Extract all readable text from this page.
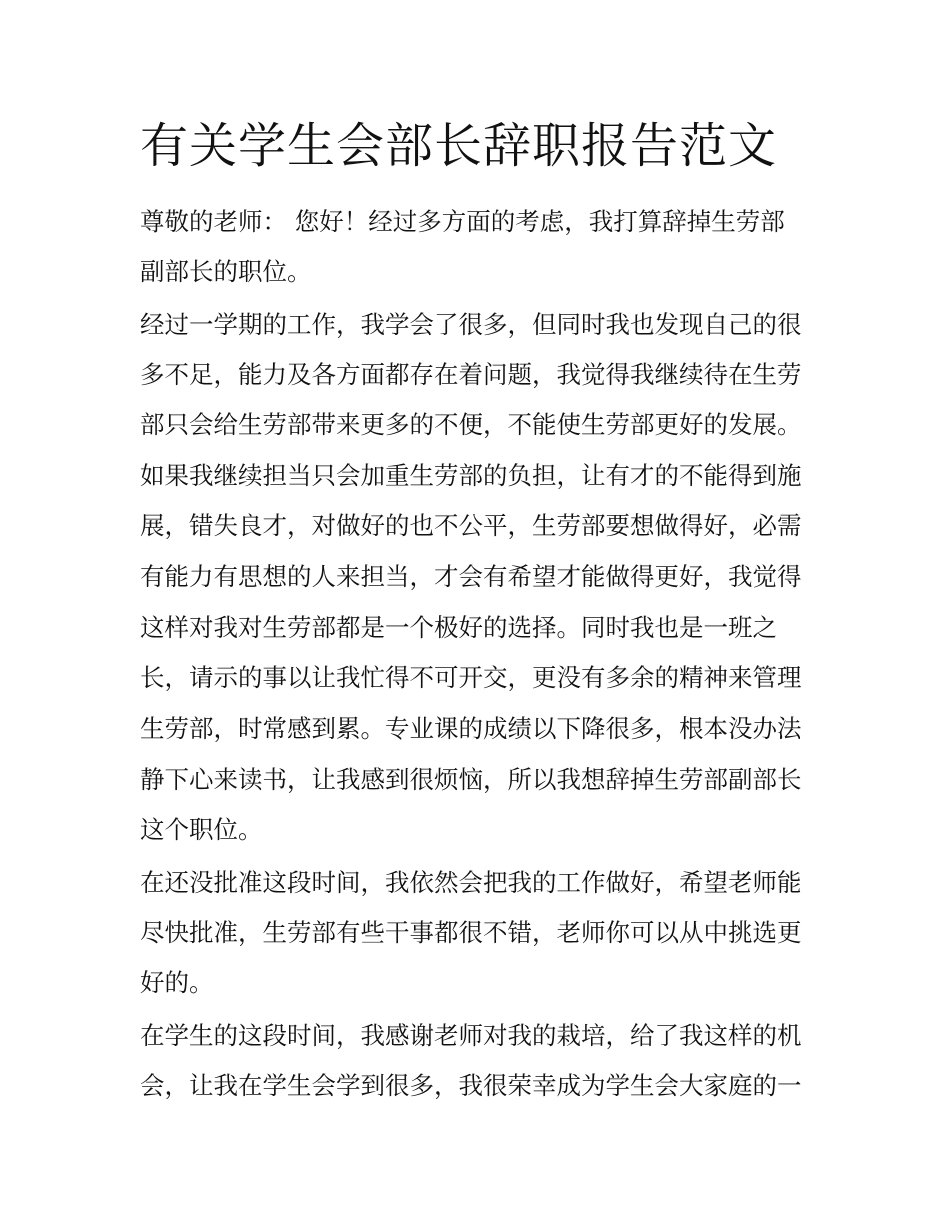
有关学生会部长辞职报告范文

尊敬的老师： 您好！经过多方面的考虑，我打算辞掉生劳部

副部长的职位。

经过一学期的工作，我学会了很多，但同时我也发现自己的很

多不足，能力及各方面都存在着问题，我觉得我继续待在生劳

部只会给生劳部带来更多的不便，不能使生劳部更好的发展。

如果我继续担当只会加重生劳部的负担，让有才的不能得到施

展，错失良才，对做好的也不公平，生劳部要想做得好，必需

有能力有思想的人来担当，才会有希望才能做得更好，我觉得

这样对我对生劳部都是一个极好的选择。同时我也是一班之

长，请示的事以让我忙得不可开交，更没有多余的精神来管理

生劳部，时常感到累。专业课的成绩以下降很多，根本没办法

静下心来读书，让我感到很烦恼，所以我想辞掉生劳部副部长

这个职位。

在还没批准这段时间，我依然会把我的工作做好，希望老师能

尽快批准，生劳部有些干事都很不错，老师你可以从中挑选更

好的。

在学生的这段时间，我感谢老师对我的栽培，给了我这样的机

会，让我在学生会学到很多，我很荣幸成为学生会大家庭的一
